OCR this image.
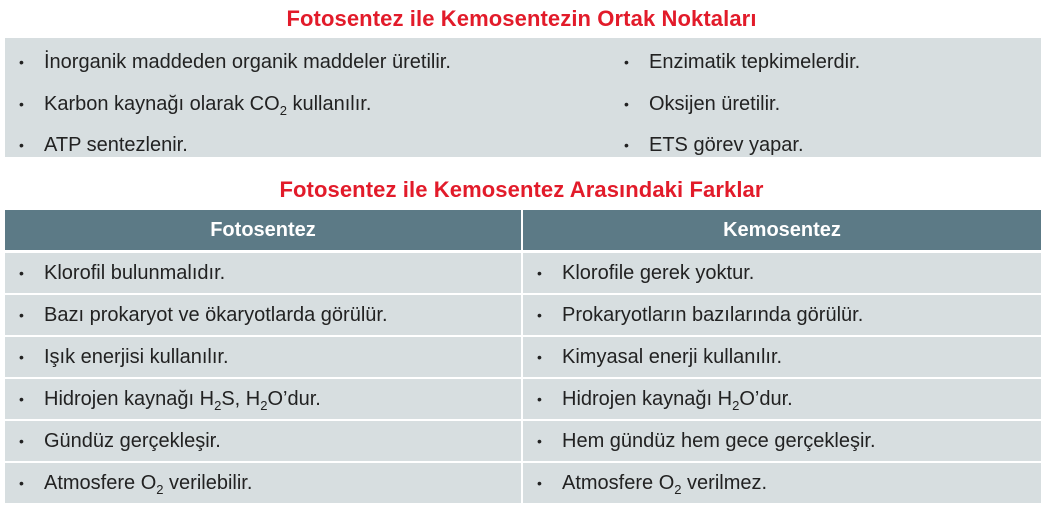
Fotosentez ile Kemosentezin Ortak Noktaları
• İnorganik maddeden organik maddeler üretilir.
• Karbon kaynağı olarak $CO_2$ kullanılır.
• ATP sentezlenir.
• Enzimatik tepkimelerdir.
• Oksijen üretilir.
• ETS görev yapar.
Fotosentez ile Kemosentez Arasındaki Farklar
Fotosentez	Kemosentez
• Klorofil bulunmalıdır.	• Klorofile gerek yoktur.
• Bazı prokaryot ve ökaryotlarda görülür.	• Prokaryotların bazılarında görülür.
• Işık enerjisi kullanılır.	• Kimyasal enerji kullanılır.
• Hidrojen kaynağı $H_2S$, $H_2O’dur$.	• Hidrojen kaynağı $H_2O’dur$.
• Gündüz gerçekleşir.	• Hem gündüz hem gece gerçekleşir.
• Atmosfere $O_2$ verilebilir.	• Atmosfere $O_2$ verilmez.
